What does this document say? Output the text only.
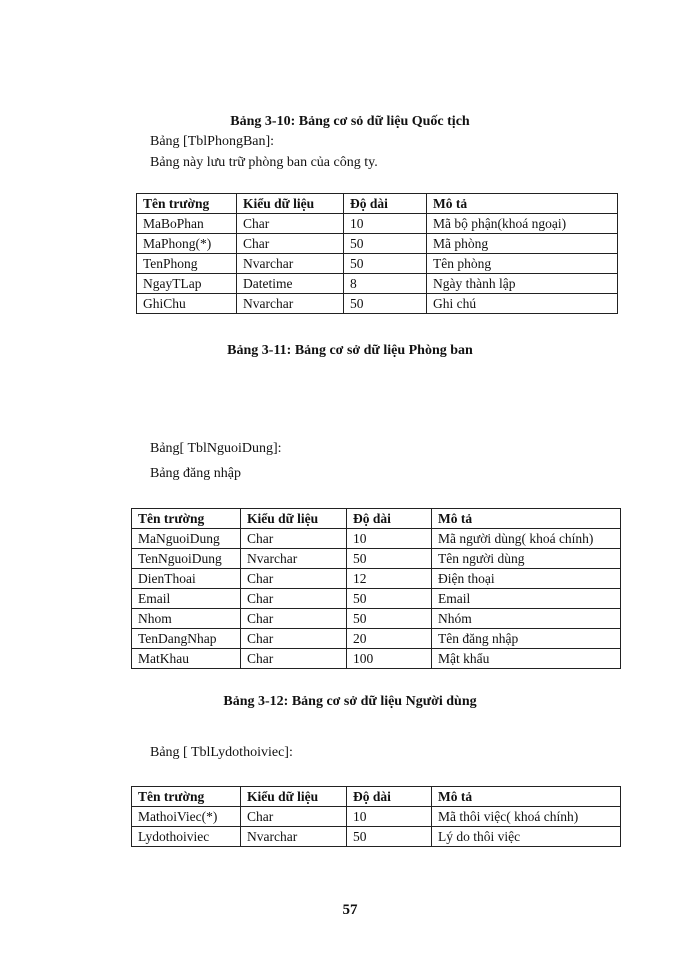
Bảng 3-10: Bảng cơ sỏ dữ liệu Quốc tịch
Bảng [TblPhongBan]:
Bảng này lưu trữ phòng ban của công ty.
Tên trường	Kiểu dữ liệu	Độ dài	Mô tả
MaBoPhan	Char	10	Mã bộ phận(khoá ngoại)
MaPhong(*)	Char	50	Mã phòng
TenPhong	Nvarchar	50	Tên phòng
NgayTLap	Datetime	8	Ngày thành lập
GhiChu	Nvarchar	50	Ghi chú
Bảng 3-11: Bảng cơ sở dữ liệu Phòng ban
Bảng[ TblNguoiDung]:
Bảng đăng nhập
Tên trường	Kiểu dữ liệu	Độ dài	Mô tả
MaNguoiDung	Char	10	Mã người dùng( khoá chính)
TenNguoiDung	Nvarchar	50	Tên người dùng
DienThoai	Char	12	Điện thoại
Email	Char	50	Email
Nhom	Char	50	Nhóm
TenDangNhap	Char	20	Tên đăng nhập
MatKhau	Char	100	Mật khẩu
Bảng 3-12: Bảng cơ sở dữ liệu Người dùng
Bảng [ TblLydothoiviec]:
Tên trường	Kiểu dữ liệu	Độ dài	Mô tả
MathoiViec(*)	Char	10	Mã thôi việc( khoá chính)
Lydothoiviec	Nvarchar	50	Lý do thôi việc
57
